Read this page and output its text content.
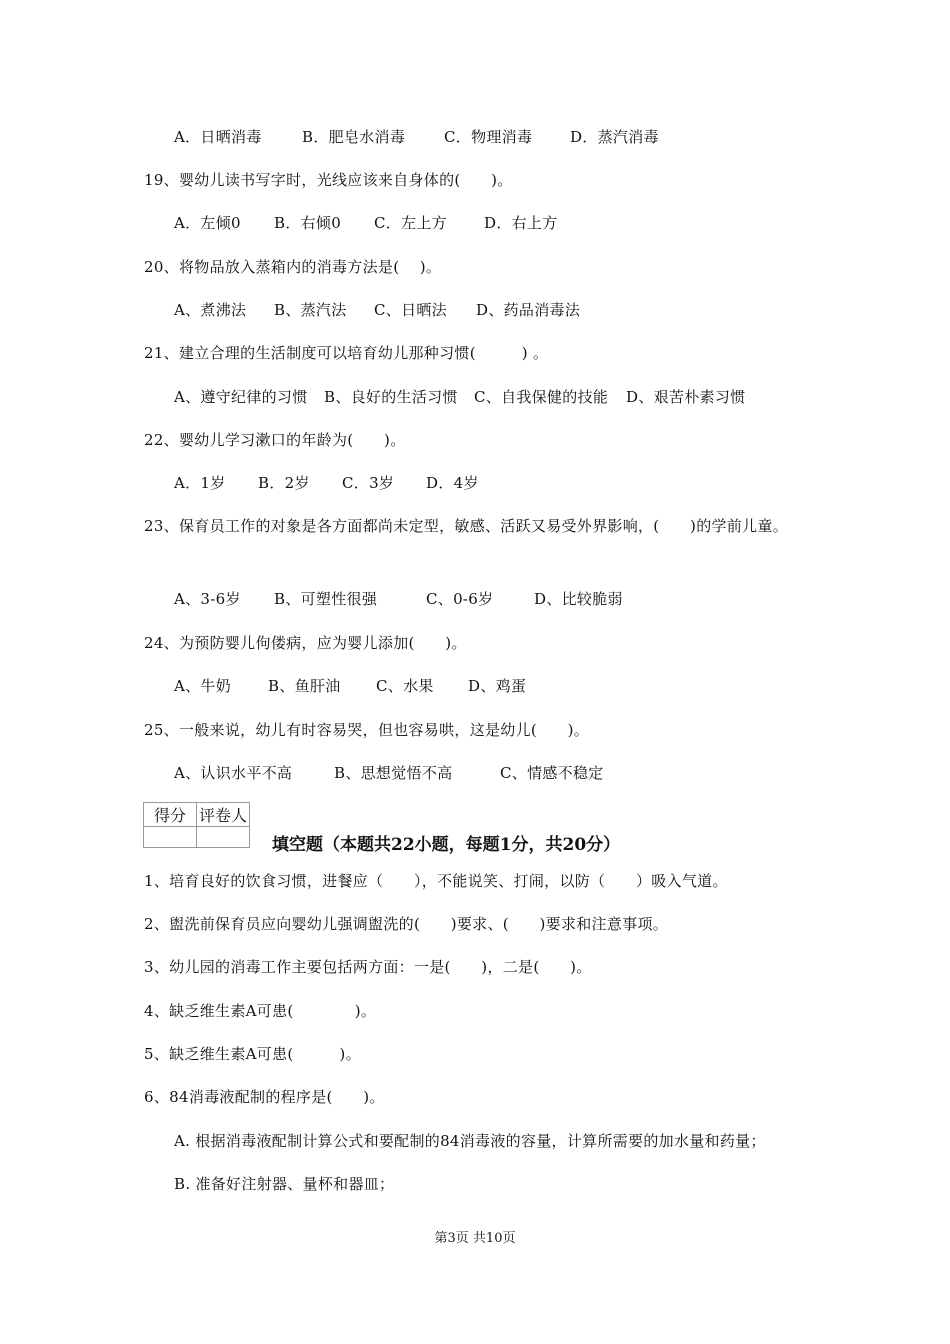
A．日晒消毒	B．肥皂水消毒	C．物理消毒	D．蒸汽消毒
19、婴幼儿读书写字时，光线应该来自身体的(　　)。
A．左倾0 B．右倾0 C．左上方 D．右上方
20、将物品放入蒸箱内的消毒方法是(　 )。
A、煮沸法 B、蒸汽法 C、日晒法 D、药品消毒法
21、建立合理的生活制度可以培育幼儿那种习惯(　　　) 。
A、遵守纪律的习惯 B、良好的生活习惯 C、自我保健的技能 D、艰苦朴素习惯
22、婴幼儿学习漱口的年龄为(　　)。
A．1岁 B．2岁 C．3岁 D．4岁
23、保育员工作的对象是各方面都尚未定型，敏感、活跃又易受外界影响，(　　)的学前儿童。
A、3-6岁 B、可塑性很强	C、0-6岁	D、比较脆弱
24、为预防婴儿佝偻病，应为婴儿添加(　　)。
A、牛奶 B、鱼肝油 C、水果 D、鸡蛋
25、一般来说，幼儿有时容易哭，但也容易哄，这是幼儿(　　)。
A、认识水平不高	B、思想觉悟不高	C、情感不稳定
得分	评卷人

填空题（本题共22小题，每题1分，共20分）
1、培育良好的饮食习惯，进餐应（　　），不能说笑、打闹，以防（　　）吸入气道。
2、盥洗前保育员应向婴幼儿强调盥洗的(　　)要求、(　　)要求和注意事项。
3、幼儿园的消毒工作主要包括两方面：一是(　　)，二是(　　)。
4、缺乏维生素A可患(　　　　)。
5、缺乏维生素A可患(　　　)。
6、84消毒液配制的程序是(　　)。
A. 根据消毒液配制计算公式和要配制的84消毒液的容量，计算所需要的加水量和药量；
B. 准备好注射器、量杯和器皿；
第3页 共10页
